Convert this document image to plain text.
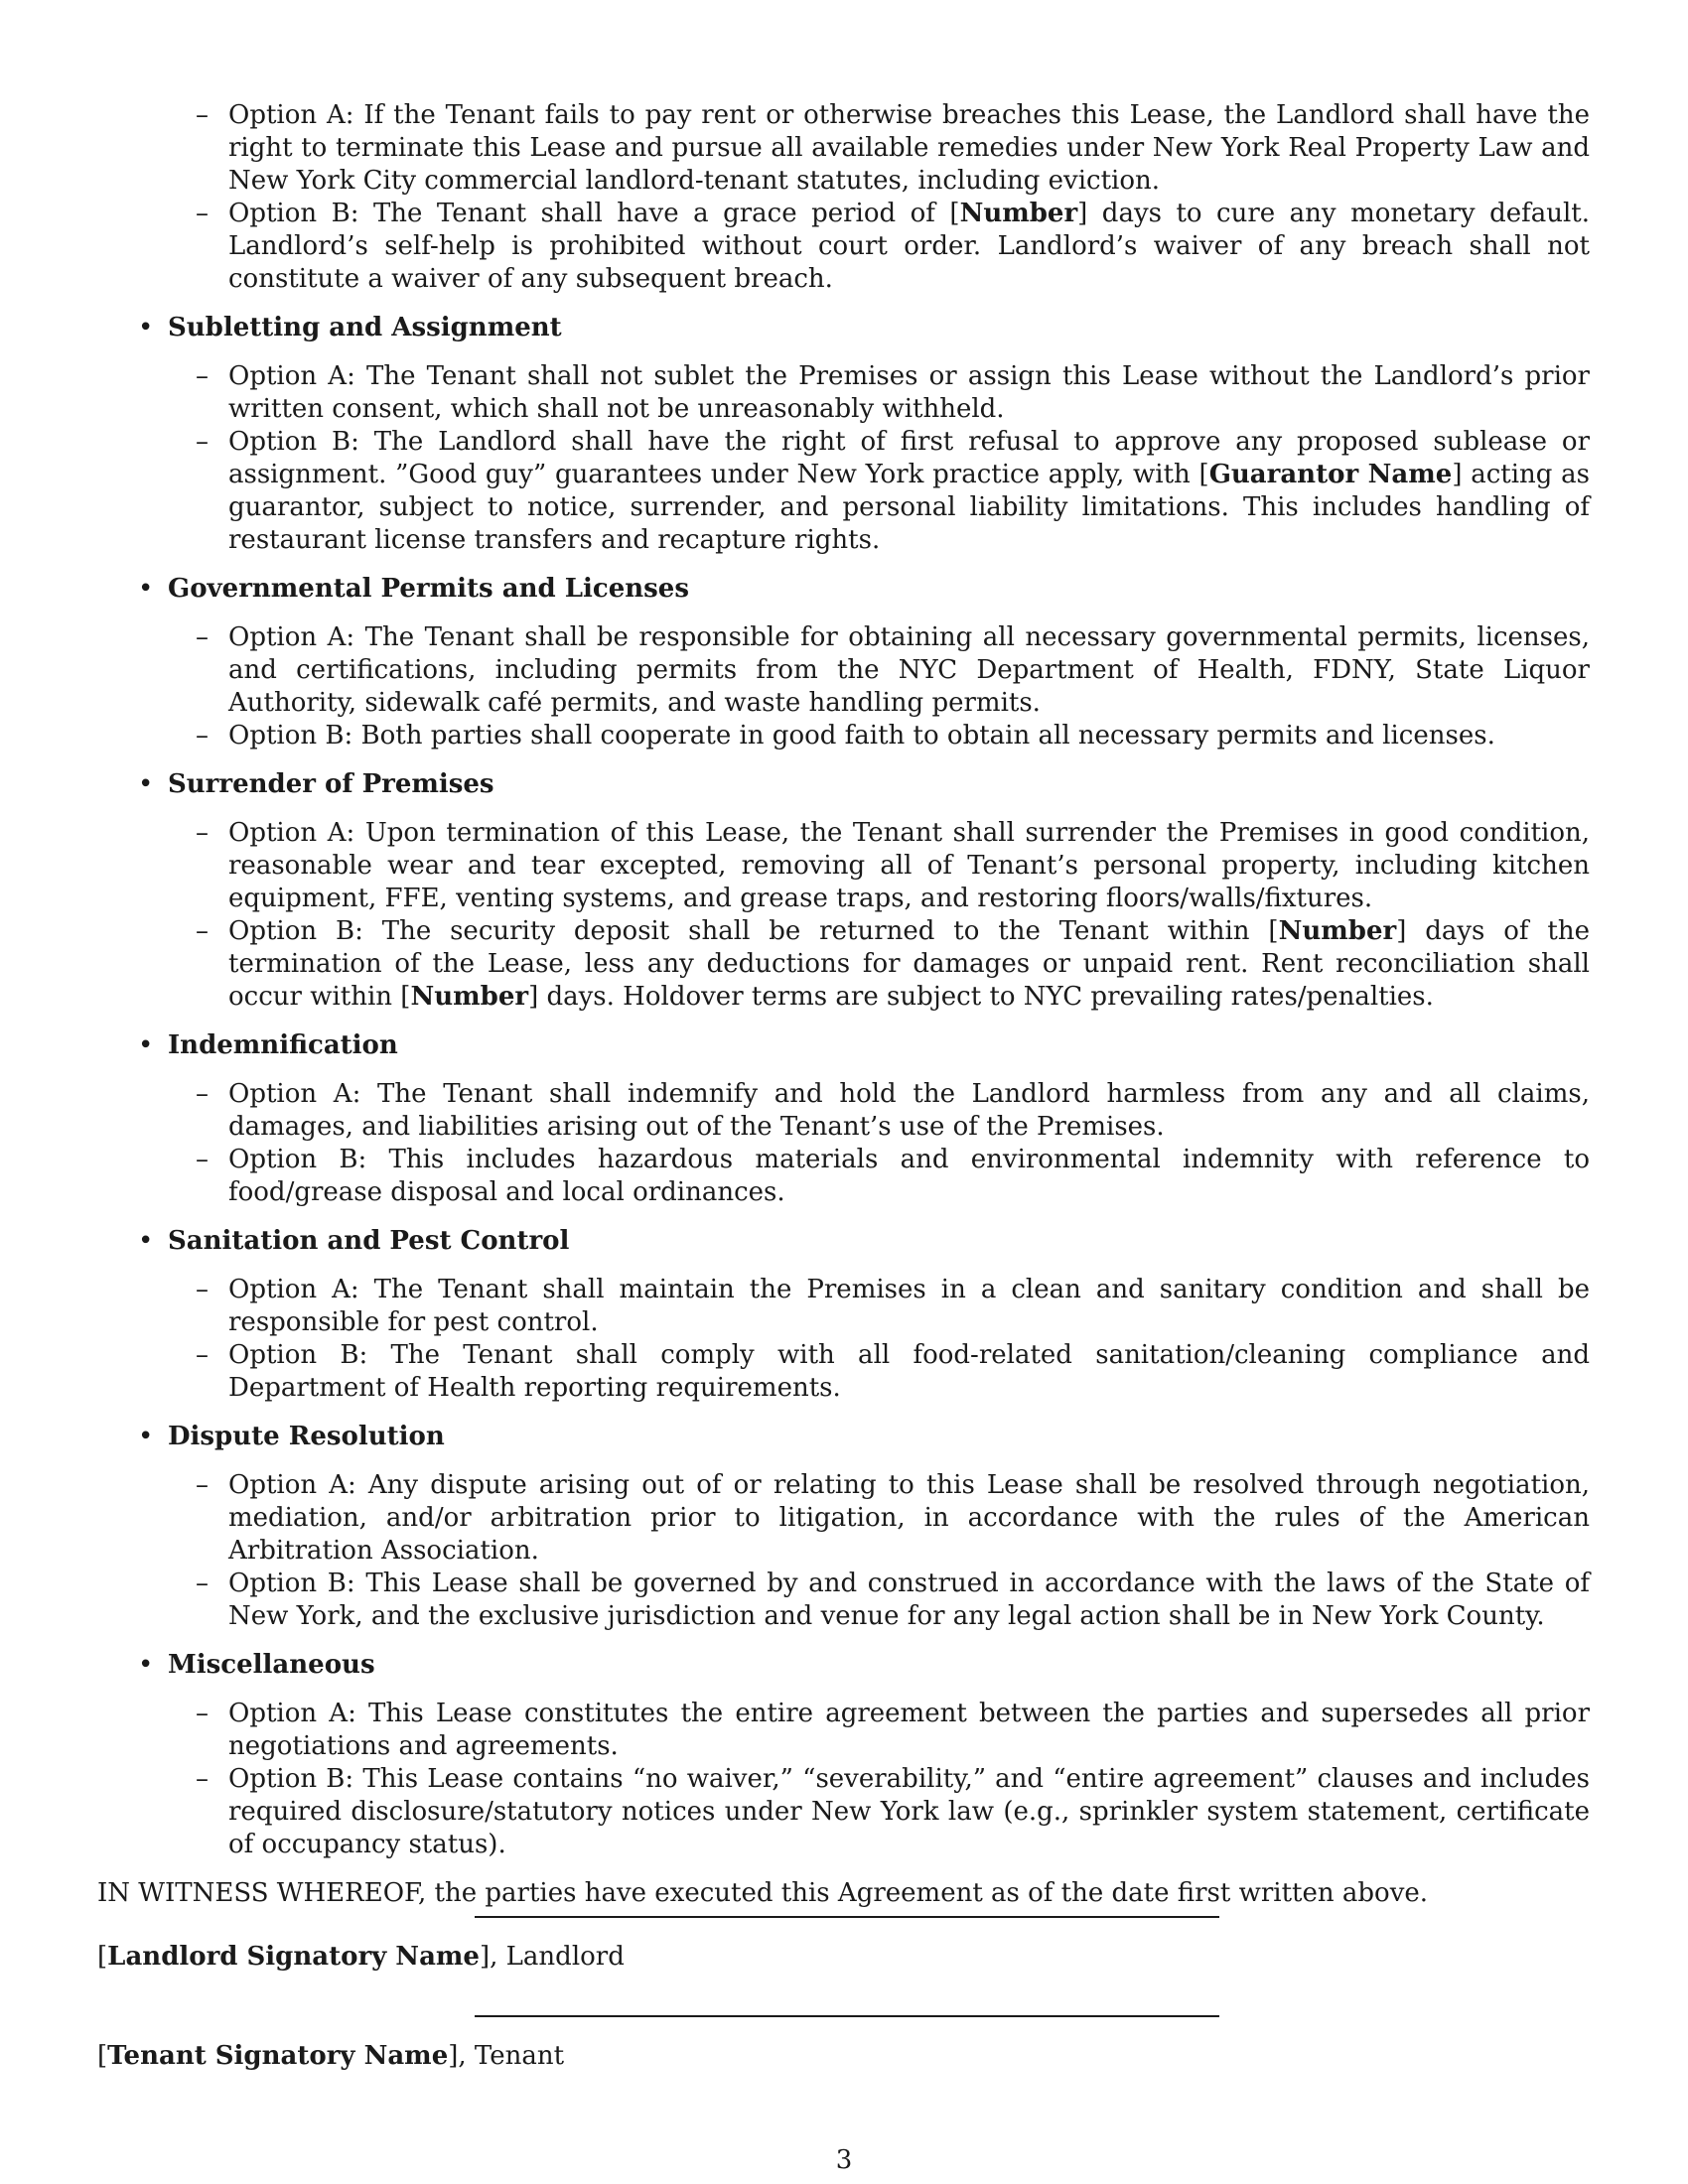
– Option A: If the Tenant fails to pay rent or otherwise breaches this Lease, the Landlord shall have the right to terminate this Lease and pursue all available remedies under New York Real Property Law and New York City commercial landlord-tenant statutes, including eviction.
– Option B: The Tenant shall have a grace period of [Number] days to cure any monetary default. Landlord’s self-help is prohibited without court order. Landlord’s waiver of any breach shall not constitute a waiver of any subsequent breach.
• Subletting and Assignment
– Option A: The Tenant shall not sublet the Premises or assign this Lease without the Landlord’s prior written consent, which shall not be unreasonably withheld.
– Option B: The Landlord shall have the right of first refusal to approve any proposed sublease or assignment. ”Good guy” guarantees under New York practice apply, with [Guarantor Name] acting as guarantor, subject to notice, surrender, and personal liability limitations. This includes handling of restaurant license transfers and recapture rights.
• Governmental Permits and Licenses
– Option A: The Tenant shall be responsible for obtaining all necessary governmental permits, licenses, and certifications, including permits from the NYC Department of Health, FDNY, State Liquor Authority, sidewalk café permits, and waste handling permits.
– Option B: Both parties shall cooperate in good faith to obtain all necessary permits and licenses.
• Surrender of Premises
– Option A: Upon termination of this Lease, the Tenant shall surrender the Premises in good condition, reasonable wear and tear excepted, removing all of Tenant’s personal property, including kitchen equipment, FFE, venting systems, and grease traps, and restoring floors/walls/fixtures.
– Option B: The security deposit shall be returned to the Tenant within [Number] days of the termination of the Lease, less any deductions for damages or unpaid rent. Rent reconciliation shall occur within [Number] days. Holdover terms are subject to NYC prevailing rates/penalties.
• Indemnification
– Option A: The Tenant shall indemnify and hold the Landlord harmless from any and all claims, damages, and liabilities arising out of the Tenant’s use of the Premises.
– Option B: This includes hazardous materials and environmental indemnity with reference to food/grease disposal and local ordinances.
• Sanitation and Pest Control
– Option A: The Tenant shall maintain the Premises in a clean and sanitary condition and shall be responsible for pest control.
– Option B: The Tenant shall comply with all food-related sanitation/cleaning compliance and Department of Health reporting requirements.
• Dispute Resolution
– Option A: Any dispute arising out of or relating to this Lease shall be resolved through negotiation, mediation, and/or arbitration prior to litigation, in accordance with the rules of the American Arbitration Association.
– Option B: This Lease shall be governed by and construed in accordance with the laws of the State of New York, and the exclusive jurisdiction and venue for any legal action shall be in New York County.
• Miscellaneous
– Option A: This Lease constitutes the entire agreement between the parties and supersedes all prior negotiations and agreements.
– Option B: This Lease contains “no waiver,” “severability,” and “entire agreement” clauses and includes required disclosure/statutory notices under New York law (e.g., sprinkler system statement, certificate of occupancy status).
IN WITNESS WHEREOF, the parties have executed this Agreement as of the date first written above.
[Landlord Signatory Name], Landlord
[Tenant Signatory Name], Tenant
3
